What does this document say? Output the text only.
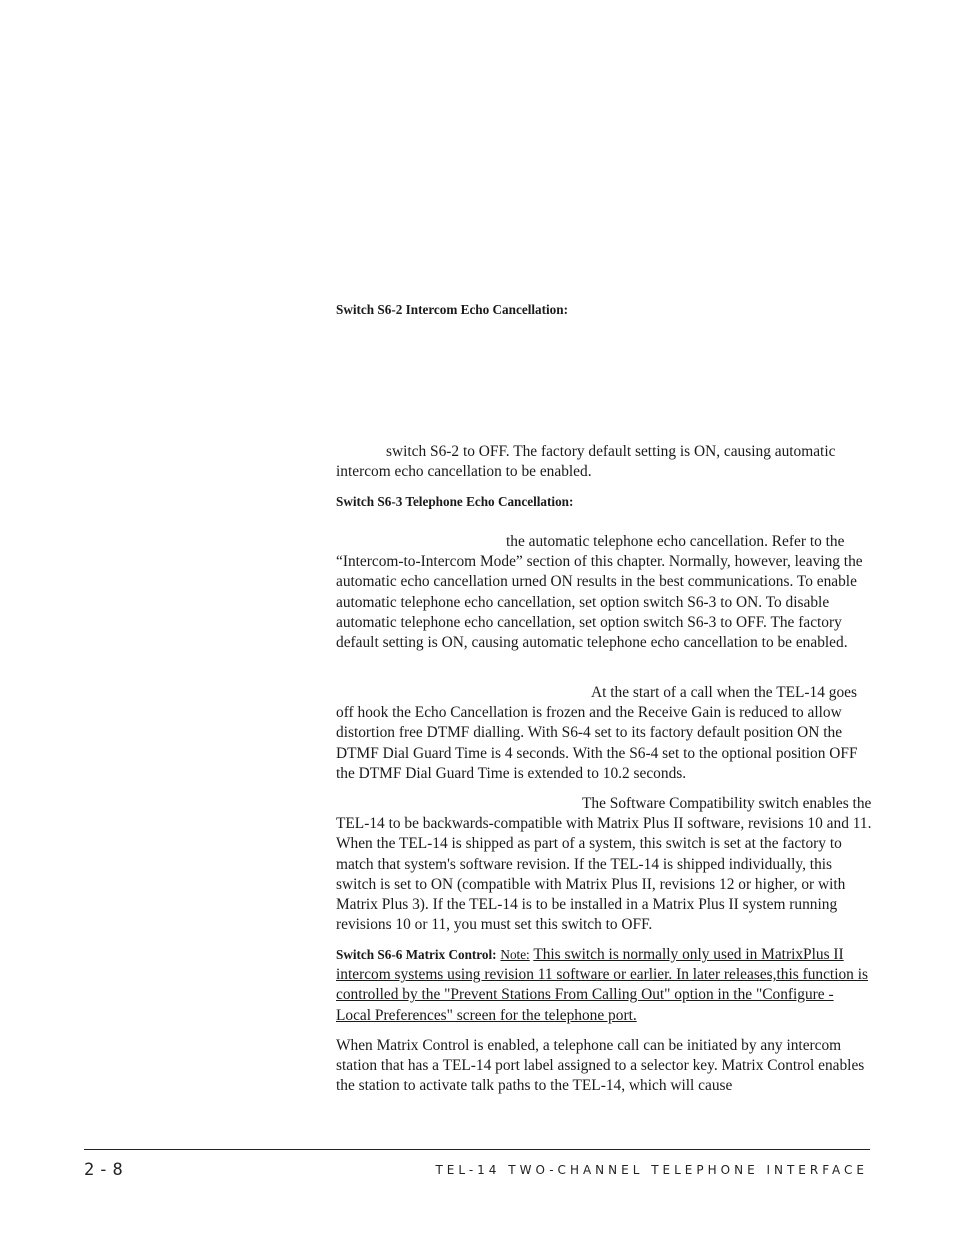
Switch S6-2 Intercom Echo Cancellation:

switch S6-2 to OFF. The factory default setting is ON, causing automatic intercom echo cancellation to be enabled.

Switch S6-3 Telephone Echo Cancellation:

the automatic telephone echo cancellation. Refer to the “Intercom-to-Intercom Mode” section of this chapter. Normally, however, leaving the automatic echo cancellation urned ON results in the best communications. To enable automatic telephone echo cancellation, set option switch S6-3 to ON. To disable automatic telephone echo cancellation, set option switch S6-3 to OFF. The factory default setting is ON, causing automatic telephone echo cancellation to be enabled.

At the start of a call when the TEL-14 goes off hook the Echo Cancellation is frozen and the Receive Gain is reduced to allow distortion free DTMF dialling. With S6-4 set to its factory default position ON the DTMF Dial Guard Time is 4 seconds. With the S6-4 set to the optional position OFF the DTMF Dial Guard Time is extended to 10.2 seconds.

The Software Compatibility switch enables the TEL-14 to be backwards-compatible with Matrix Plus II software, revisions 10 and 11. When the TEL-14 is shipped as part of a system, this switch is set at the factory to match that system's software revision. If the TEL-14 is shipped individually, this switch is set to ON (compatible with Matrix Plus II, revisions 12 or higher, or with Matrix Plus 3). If the TEL-14 is to be installed in a Matrix Plus II system running revisions 10 or 11, you must set this switch to OFF.

Switch S6-6 Matrix Control: Note: This switch is normally only used in MatrixPlus II intercom systems using revision 11 software or earlier. In later releases,this function is controlled by the "Prevent Stations From Calling Out" option in the "Configure - Local Preferences" screen for the telephone port.

When Matrix Control is enabled, a telephone call can be initiated by any intercom station that has a TEL-14 port label assigned to a selector key. Matrix Control enables the station to activate talk paths to the TEL-14, which will cause

2-8	TEL-14 TWO-CHANNEL TELEPHONE INTERFACE
